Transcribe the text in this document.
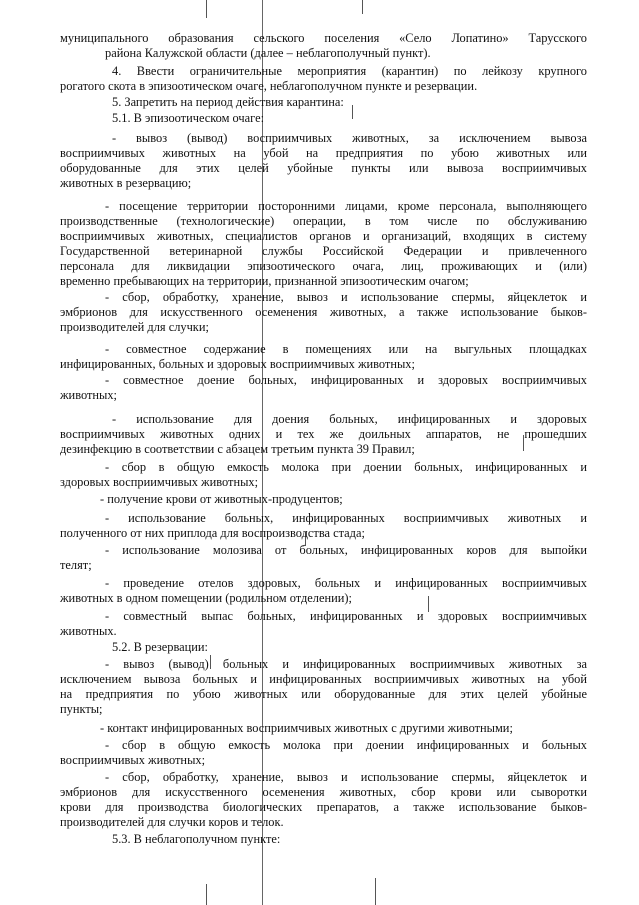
муниципального образования сельского поселения «Село Лопатино» Тарусского
района Калужской области (далее – неблагополучный пункт).
4. Ввести ограничительные мероприятия (карантин) по лейкозу крупного
рогатого скота в эпизоотическом очаге, неблагополучном пункте и резервации.
5. Запретить на период действия карантина:
5.1. В эпизоотическом очаге:
- вывоз (вывод) восприимчивых животных, за исключением вывоза
восприимчивых животных на убой на предприятия по убою животных или
оборудованные для этих целей убойные пункты или вывоза восприимчивых
животных в резервацию;
- посещение территории посторонними лицами, кроме персонала, выполняющего
производственные (технологические) операции, в том числе по обслуживанию
восприимчивых животных, специалистов органов и организаций, входящих в систему
Государственной ветеринарной службы Российской Федерации и привлеченного
персонала для ликвидации эпизоотического очага, лиц, проживающих и (или)
временно пребывающих на территории, признанной эпизоотическим очагом;
- сбор, обработку, хранение, вывоз и использование спермы, яйцеклеток и
эмбрионов для искусственного осеменения животных, а также использование быков-
производителей для случки;
- совместное содержание в помещениях или на выгульных площадках
инфицированных, больных и здоровых восприимчивых животных;
- совместное доение больных, инфицированных и здоровых восприимчивых
животных;
- использование для доения больных, инфицированных и здоровых
восприимчивых животных одних и тех же доильных аппаратов, не прошедших
дезинфекцию в соответствии с абзацем третьим пункта 39 Правил;
- сбор в общую емкость молока при доении больных, инфицированных и
здоровых восприимчивых животных;
- получение крови от животных-продуцентов;
- использование больных, инфицированных восприимчивых животных и
полученного от них приплода для воспроизводства стада;
- использование молозива от больных, инфицированных коров для выпойки
телят;
- проведение отелов здоровых, больных и инфицированных восприимчивых
животных в одном помещении (родильном отделении);
- совместный выпас больных, инфицированных и здоровых восприимчивых
животных.
5.2. В резервации:
- вывоз (вывод) больных и инфицированных восприимчивых животных за
исключением вывоза больных и инфицированных восприимчивых животных на убой
на предприятия по убою животных или оборудованные для этих целей убойные
пункты;
- контакт инфицированных восприимчивых животных с другими животными;
- сбор в общую емкость молока при доении инфицированных и больных
восприимчивых животных;
- сбор, обработку, хранение, вывоз и использование спермы, яйцеклеток и
эмбрионов для искусственного осеменения животных, сбор крови или сыворотки
крови для производства биологических препаратов, а также использование быков-
производителей для случки коров и телок.
5.3. В неблагополучном пункте:
